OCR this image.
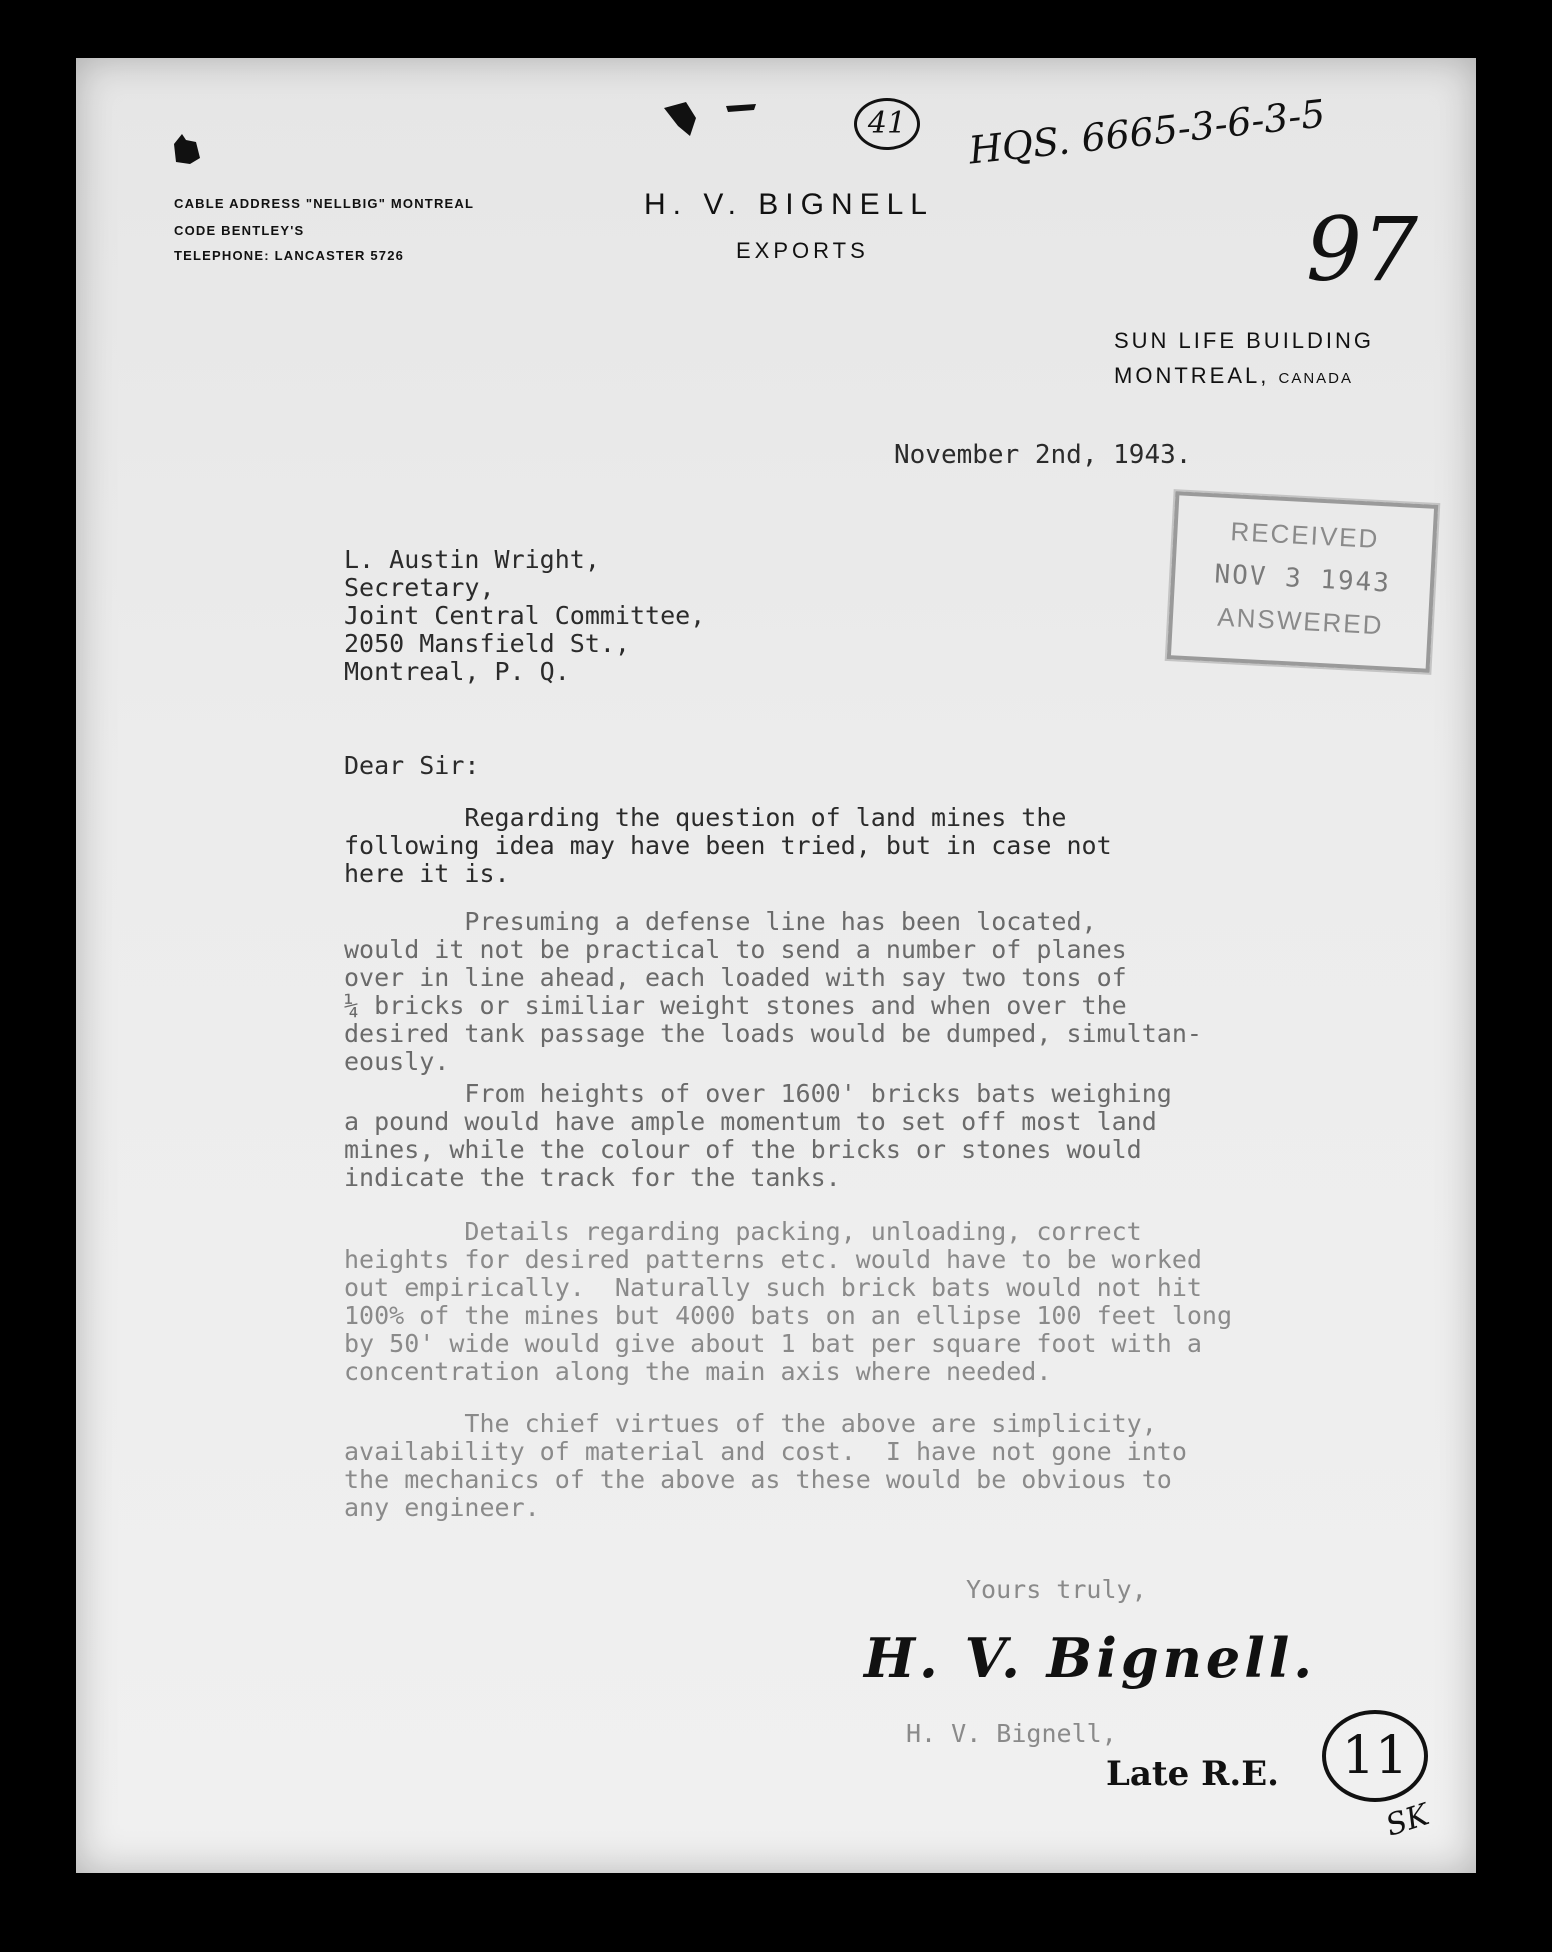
CABLE ADDRESS "NELLBIG" MONTREAL
CODE BENTLEY'S
TELEPHONE: LANCASTER 5726
H. V. BIGNELL
EXPORTS
41	HQS. 6665-3-6-3-5
97
SUN LIFE BUILDING
MONTREAL, CANADA
November 2nd, 1943.
RECEIVED
NOV 3 1943
ANSWERED
L. Austin Wright,
Secretary,
Joint Central Committee,
2050 Mansfield St.,
Montreal, P. Q.
Dear Sir:
Regarding the question of land mines the
following idea may have been tried, but in case not
here it is.
Presuming a defense line has been located,
would it not be practical to send a number of planes
over in line ahead, each loaded with say two tons of
¼ bricks or similiar weight stones and when over the
desired tank passage the loads would be dumped, simultan-
eously.
From heights of over 1600' bricks bats weighing
a pound would have ample momentum to set off most land
mines, while the colour of the bricks or stones would
indicate the track for the tanks.
Details regarding packing, unloading, correct
heights for desired patterns etc. would have to be worked
out empirically.  Naturally such brick bats would not hit
100% of the mines but 4000 bats on an ellipse 100 feet long
by 50' wide would give about 1 bat per square foot with a
concentration along the main axis where needed.
The chief virtues of the above are simplicity,
availability of material and cost.  I have not gone into
the mechanics of the above as these would be obvious to
any engineer.
Yours truly,
H. V. Bignell.
H. V. Bignell,
Late R.E.	11
SK
